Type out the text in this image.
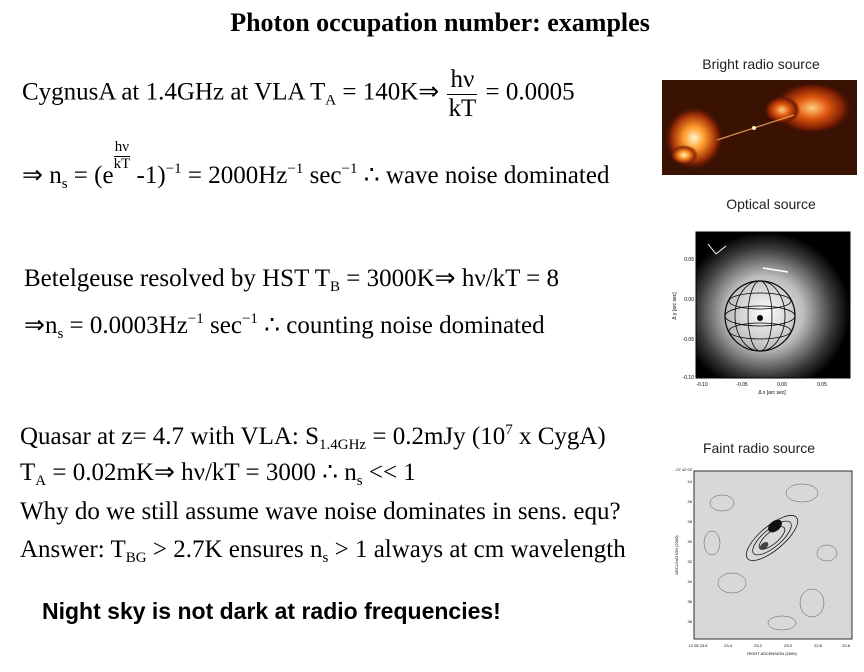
Photon occupation number: examples
CygnusA at 1.4GHz at VLA $T_A$ = 140K⇒ $\frac{h\nu}{kT} = 0.0005$
⇒ $n_s = (e$
$\frac{h\nu}{kT}$
$-1)^{-1} = 2000Hz^{-1}$ $\sec^{-1}$ ∴ wave noise dominated
Betelgeuse resolved by HST $T_B$ = 3000K⇒ hν/kT = 8
$\Rightarrow n_s = 0.0003Hz^{-1}$ $\sec^{-1}$ ∴ counting noise dominated
Quasar at z= 4.7 with VLA: $S_{1.4GHz} = 0.2mJy$ ($10^7$ x CygA)
$T_A$ = 0.02mK⇒ hν/kT = 3000 ∴ $n_s << 1$
Why do we still assume wave noise dominates in sens. equ?
Answer: $T_{BG} > 2.7K$ ensures $n_s > 1$ always at cm wavelength
Night sky is not dark at radio frequencies!
Bright radio source
Optical source
0.05
0.00
-0.05
-0.10
-0.10	-0.05	0.00	0.05
Δ x [arc sec]
Δ y [arc sec]
Faint radio source
-07 42 02
24
26
28
30
32
34
36
38
12 05 23.6	23.4	23.2	23.0	22.8	22.6
RIGHT ASCENSION (2000)
DECLINATION (2000)
